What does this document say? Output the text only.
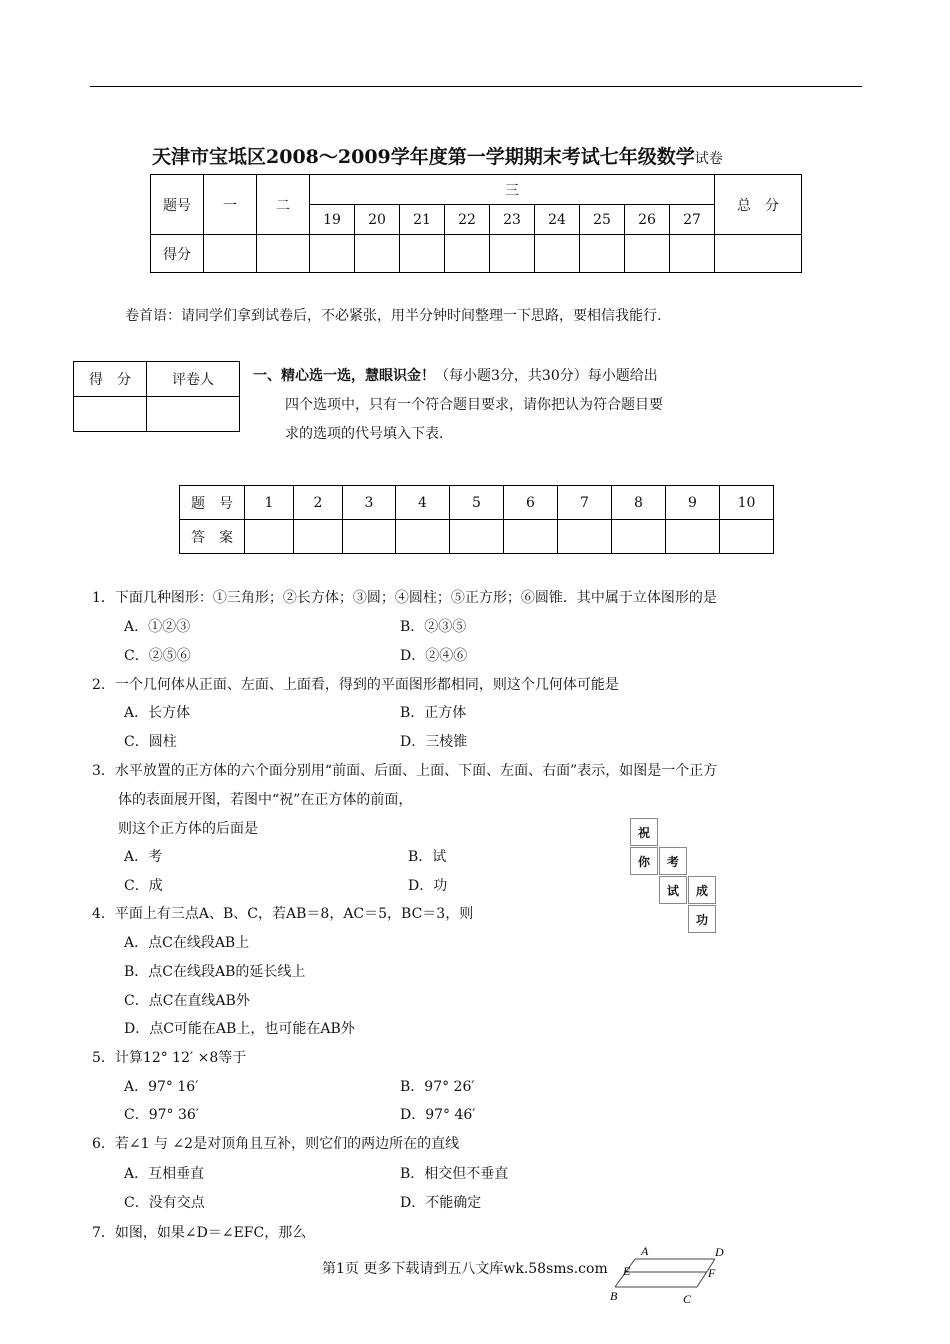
天津市宝坻区2008～2009学年度第一学期期末考试七年级数学试卷
题号	一	二	三									总　分
			19	20	21	22	23	24	25	26	27	
得分												
卷首语：请同学们拿到试卷后，不必紧张，用半分钟时间整理一下思路，要相信我能行.
得　分	评卷人
		一、精心选一选，慧眼识金！（每小题3分，共30分）每小题给出
四个选项中，只有一个符合题目要求，请你把认为符合题目要
求的选项的代号填入下表.
题　号	1	2	3	4	5	6	7	8	9	10
答　案										
1．下面几种图形：①三角形；②长方体；③圆；④圆柱；⑤正方形；⑥圆锥．其中属于立体图形的是
A．①②③	B．②③⑤
C．②⑤⑥	D．②④⑥
2．一个几何体从正面、左面、上面看，得到的平面图形都相同，则这个几何体可能是
A．长方体	B．正方体
C．圆柱	D．三棱锥
3．水平放置的正方体的六个面分别用“前面、后面、上面、下面、左面、右面”表示，如图是一个正方
体的表面展开图，若图中“祝”在正方体的前面，
则这个正方体的后面是
A．考	B．试
C．成	D．功
祝
你	考
试	成
功
4．平面上有三点A、B、C，若AB＝8，AC＝5，BC＝3，则
A．点C在线段AB上
B．点C在线段AB的延长线上
C．点C在直线AB外
D．点C可能在AB上，也可能在AB外
5．计算12° 12′ ×8等于
A．97° 16′	B．97° 26′
C．97° 36′	D．97° 46′
6．若∠1 与 ∠2是对顶角且互补，则它们的两边所在的直线
A．互相垂直	B．相交但不垂直
C．没有交点	D．不能确定
7．如图，如果∠D＝∠EFC，那么
A	D
E	F
B	C
第1页 更多下载请到五八文库wk.58sms.com
